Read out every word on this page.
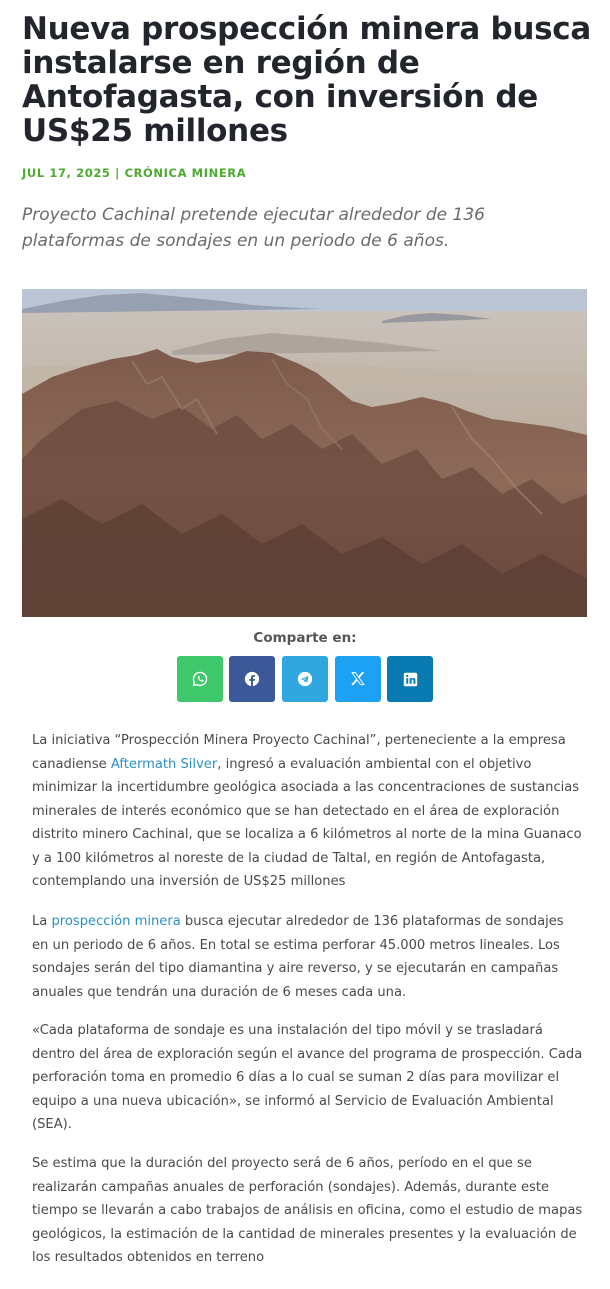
Nueva prospección minera busca instalarse en región de Antofagasta, con inversión de US$25 millones
JUL 17, 2025 | CRÓNICA MINERA

Proyecto Cachinal pretende ejecutar alrededor de 136 plataformas de sondajes en un periodo de 6 años.

Comparte en:

La iniciativa “Prospección Minera Proyecto Cachinal”, perteneciente a la empresa canadiense Aftermath Silver, ingresó a evaluación ambiental con el objetivo minimizar la incertidumbre geológica asociada a las concentraciones de sustancias minerales de interés económico que se han detectado en el área de exploración distrito minero Cachinal, que se localiza a 6 kilómetros al norte de la mina Guanaco y a 100 kilómetros al noreste de la ciudad de Taltal, en región de Antofagasta, contemplando una inversión de US$25 millones

La prospección minera busca ejecutar alrededor de 136 plataformas de sondajes en un periodo de 6 años. En total se estima perforar 45.000 metros lineales. Los sondajes serán del tipo diamantina y aire reverso, y se ejecutarán en campañas anuales que tendrán una duración de 6 meses cada una.

«Cada plataforma de sondaje es una instalación del tipo móvil y se trasladará dentro del área de exploración según el avance del programa de prospección. Cada perforación toma en promedio 6 días a lo cual se suman 2 días para movilizar el equipo a una nueva ubicación», se informó al Servicio de Evaluación Ambiental (SEA).

Se estima que la duración del proyecto será de 6 años, período en el que se realizarán campañas anuales de perforación (sondajes). Además, durante este tiempo se llevarán a cabo trabajos de análisis en oficina, como el estudio de mapas geológicos, la estimación de la cantidad de minerales presentes y la evaluación de los resultados obtenidos en terreno
